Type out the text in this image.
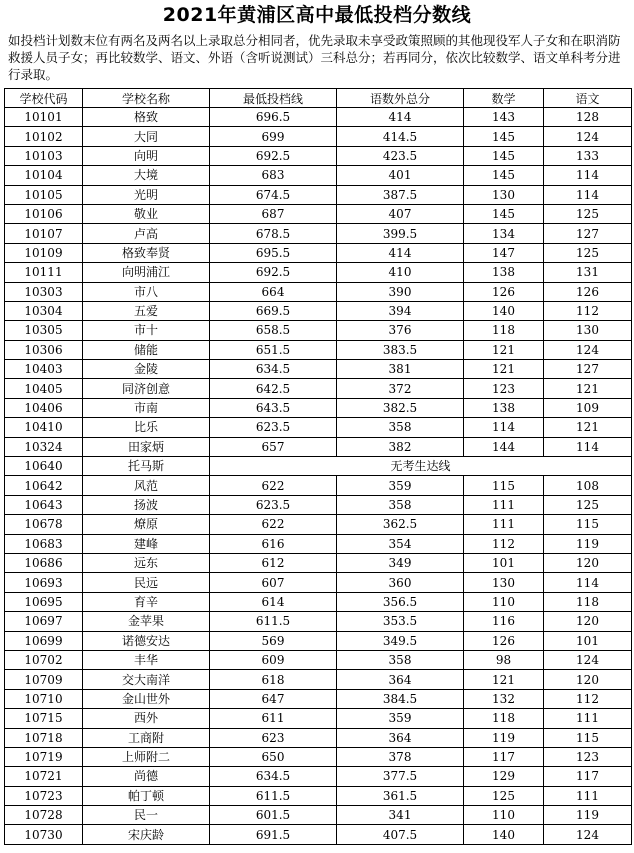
2021年黄浦区高中最低投档分数线
如投档计划数末位有两名及两名以上录取总分相同者，优先录取未享受政策照顾的其他现役军人子女和在职消防救援人员子女；再比较数学、语文、外语（含听说测试）三科总分；若再同分，依次比较数学、语文单科考分进行录取。
学校代码	学校名称	最低投档线	语数外总分	数学	语文
10101	格致	696.5	414	143	128
10102	大同	699	414.5	145	124
10103	向明	692.5	423.5	145	133
10104	大境	683	401	145	114
10105	光明	674.5	387.5	130	114
10106	敬业	687	407	145	125
10107	卢高	678.5	399.5	134	127
10109	格致奉贤	695.5	414	147	125
10111	向明浦江	692.5	410	138	131
10303	市八	664	390	126	126
10304	五爱	669.5	394	140	112
10305	市十	658.5	376	118	130
10306	储能	651.5	383.5	121	124
10403	金陵	634.5	381	121	127
10405	同济创意	642.5	372	123	121
10406	市南	643.5	382.5	138	109
10410	比乐	623.5	358	114	121
10324	田家炳	657	382	144	114
10640	托马斯	无考生达线			
10642	风范	622	359	115	108
10643	扬波	623.5	358	111	125
10678	燎原	622	362.5	111	115
10683	建峰	616	354	112	119
10686	远东	612	349	101	120
10693	民远	607	360	130	114
10695	育辛	614	356.5	110	118
10697	金苹果	611.5	353.5	116	120
10699	诺德安达	569	349.5	126	101
10702	丰华	609	358	98	124
10709	交大南洋	618	364	121	120
10710	金山世外	647	384.5	132	112
10715	西外	611	359	118	111
10718	工商附	623	364	119	115
10719	上师附二	650	378	117	123
10721	尚德	634.5	377.5	129	117
10723	帕丁顿	611.5	361.5	125	111
10728	民一	601.5	341	110	119
10730	宋庆龄	691.5	407.5	140	124
